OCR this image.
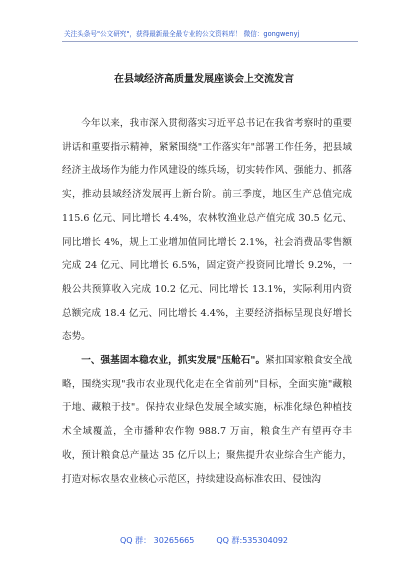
关注头条号"公文研究"，获得最新最全最专业的公文资料库！ 微信：gongwenyj
在县域经济高质量发展座谈会上交流发言

今年以来，我市深入贯彻落实习近平总书记在我省考察时的重要讲话和重要指示精神，紧紧围绕"工作落实年"部署工作任务，把县域经济主战场作为能力作风建设的练兵场，切实转作风、强能力、抓落实，推动县域经济发展再上新台阶。前三季度，地区生产总值完成 115.6 亿元、同比增长 4.4%，农林牧渔业总产值完成 30.5 亿元、同比增长 4%，规上工业增加值同比增长 2.1%，社会消费品零售额完成 24 亿元、同比增长 6.5%，固定资产投资同比增长 9.2%，一般公共预算收入完成 10.2 亿元、同比增长 13.1%，实际利用内资总额完成 18.4 亿元、同比增长 4.4%，主要经济指标呈现良好增长态势。

一、强基固本稳农业，抓实发展"压舱石"。紧扣国家粮食安全战略，围绕实现"我市农业现代化走在全省前列"目标，全面实施"藏粮于地、藏粮于技"。保持农业绿色发展全域实施，标准化绿色种植技术全域覆盖，全市播种农作物 988.7 万亩，粮食生产有望再夺丰收，预计粮食总产量达 35 亿斤以上；聚焦提升农业综合生产能力，打造对标农垦农业核心示范区，持续建设高标准农田、侵蚀沟

QQ 群： 30265665	QQ 群:535304092
